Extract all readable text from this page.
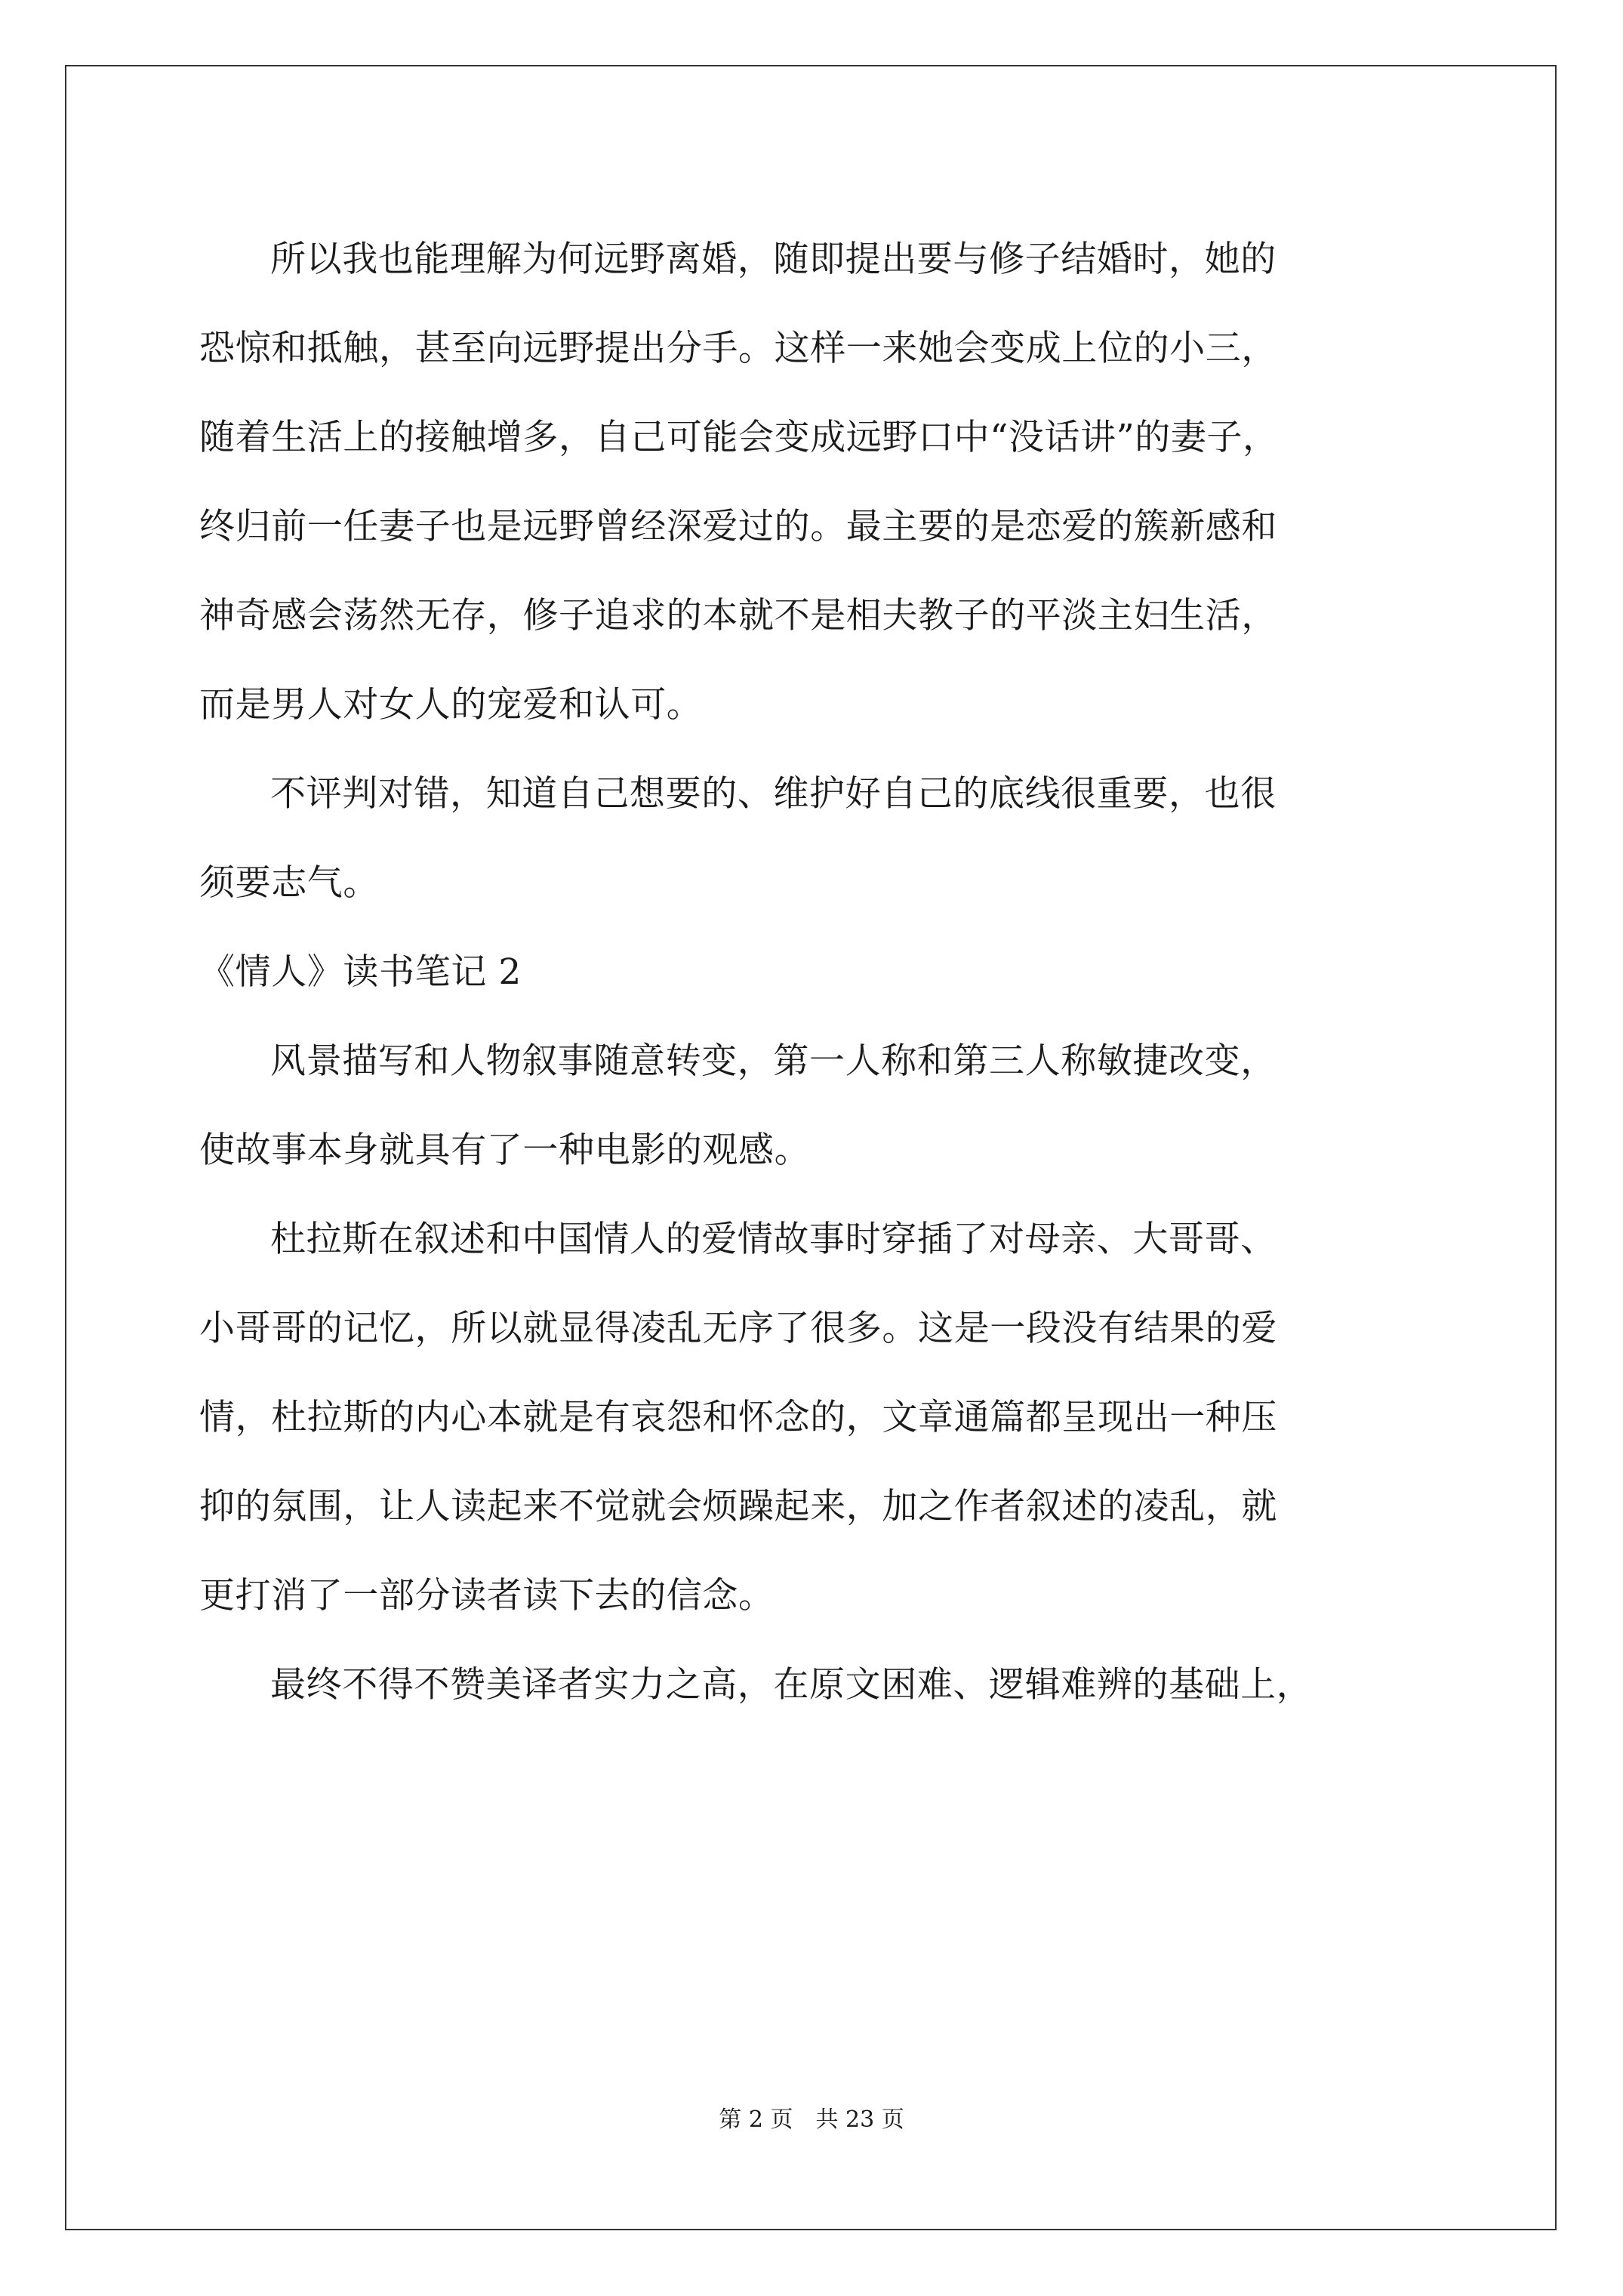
所以我也能理解为何远野离婚，随即提出要与修子结婚时，她的
恐惊和抵触，甚至向远野提出分手。这样一来她会变成上位的小三，
随着生活上的接触增多，自己可能会变成远野口中“没话讲”的妻子，
终归前一任妻子也是远野曾经深爱过的。最主要的是恋爱的簇新感和
神奇感会荡然无存，修子追求的本就不是相夫教子的平淡主妇生活，
而是男人对女人的宠爱和认可。
不评判对错，知道自己想要的、维护好自己的底线很重要，也很
须要志气。
《情人》读书笔记 2
风景描写和人物叙事随意转变，第一人称和第三人称敏捷改变，
使故事本身就具有了一种电影的观感。
杜拉斯在叙述和中国情人的爱情故事时穿插了对母亲、大哥哥、
小哥哥的记忆，所以就显得凌乱无序了很多。这是一段没有结果的爱
情，杜拉斯的内心本就是有哀怨和怀念的，文章通篇都呈现出一种压
抑的氛围，让人读起来不觉就会烦躁起来，加之作者叙述的凌乱，就
更打消了一部分读者读下去的信念。
最终不得不赞美译者实力之高，在原文困难、逻辑难辨的基础上，
第 2 页　共 23 页
